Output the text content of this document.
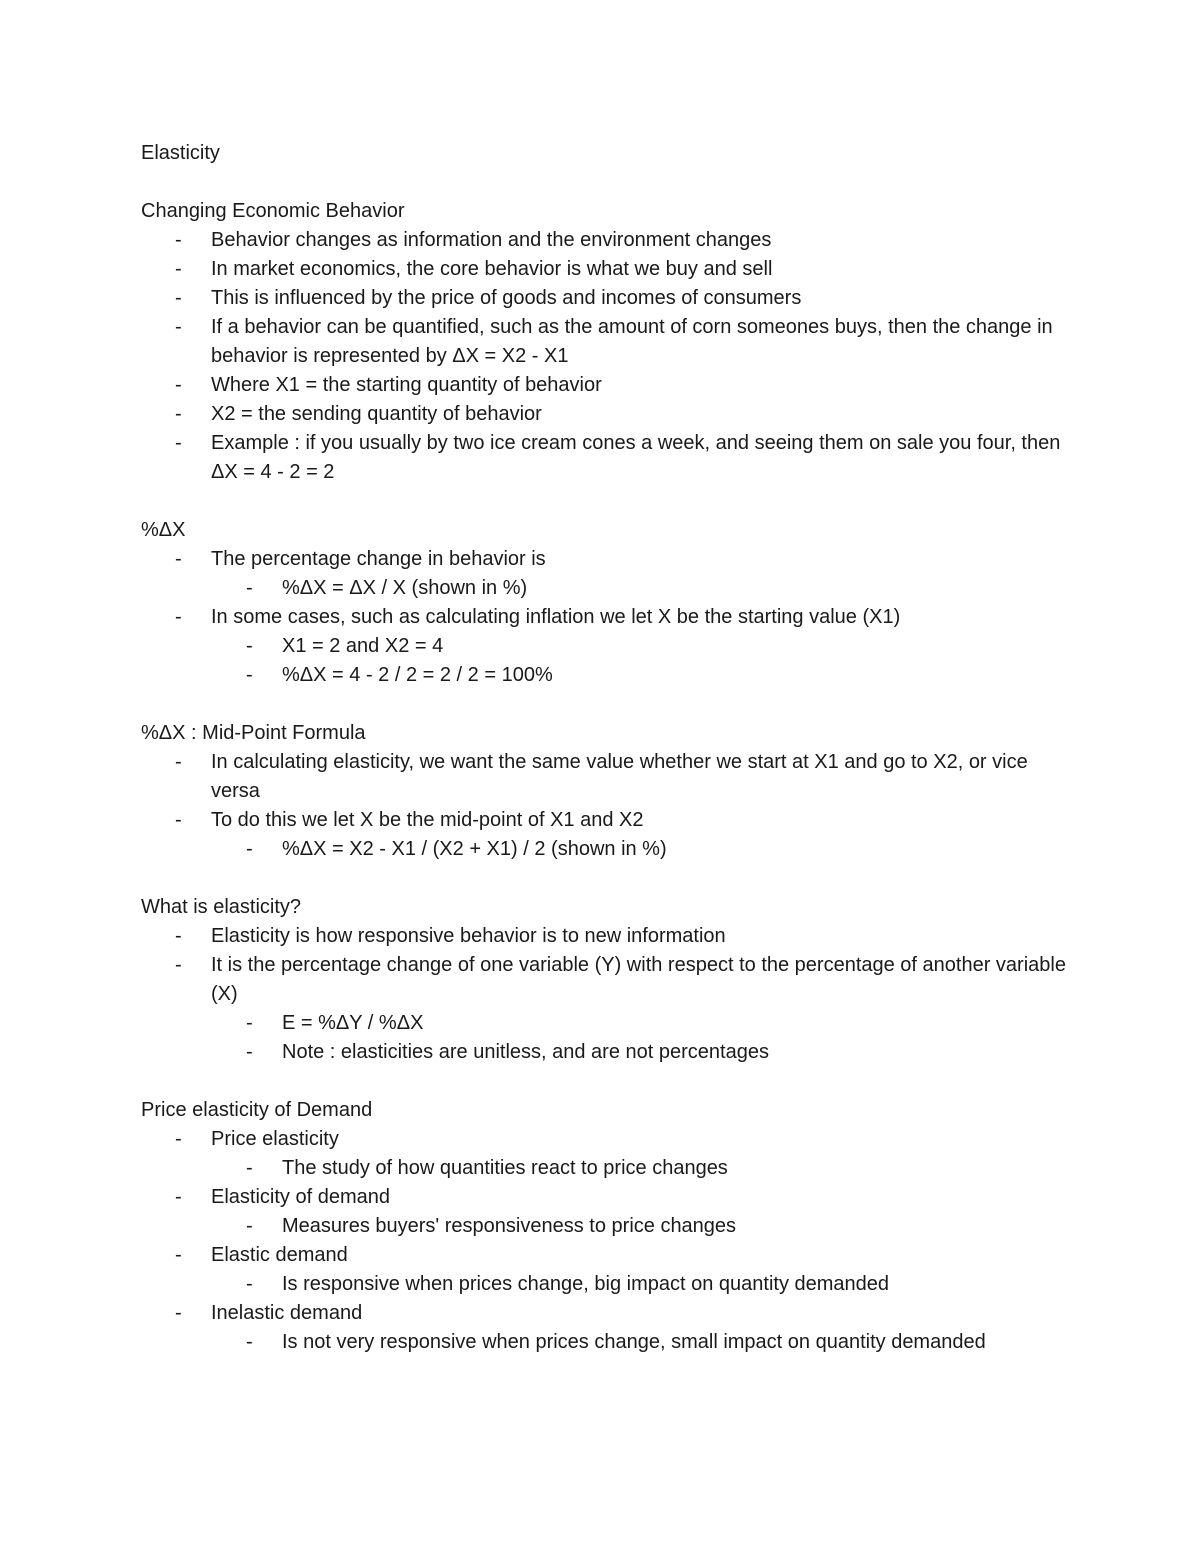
Elasticity
Changing Economic Behavior
- Behavior changes as information and the environment changes
- In market economics, the core behavior is what we buy and sell
- This is influenced by the price of goods and incomes of consumers
- If a behavior can be quantified, such as the amount of corn someones buys, then the change in behavior is represented by ΔX = X2 - X1
- Where X1 = the starting quantity of behavior
- X2 = the sending quantity of behavior
- Example : if you usually by two ice cream cones a week, and seeing them on sale you four, then ΔX = 4 - 2 = 2
%ΔX
- The percentage change in behavior is
- %ΔX = ΔX / X (shown in %)
- In some cases, such as calculating inflation we let X be the starting value (X1)
- X1 = 2 and X2 = 4
- %ΔX = 4 - 2 / 2 = 2 / 2 = 100%
%ΔX : Mid-Point Formula
- In calculating elasticity, we want the same value whether we start at X1 and go to X2, or vice versa
- To do this we let X be the mid-point of X1 and X2
- %ΔX = X2 - X1 / (X2 + X1) / 2 (shown in %)
What is elasticity?
- Elasticity is how responsive behavior is to new information
- It is the percentage change of one variable (Y) with respect to the percentage of another variable (X)
- E = %ΔY / %ΔX
- Note : elasticities are unitless, and are not percentages
Price elasticity of Demand
- Price elasticity
- The study of how quantities react to price changes
- Elasticity of demand
- Measures buyers' responsiveness to price changes
- Elastic demand
- Is responsive when prices change, big impact on quantity demanded
- Inelastic demand
- Is not very responsive when prices change, small impact on quantity demanded
